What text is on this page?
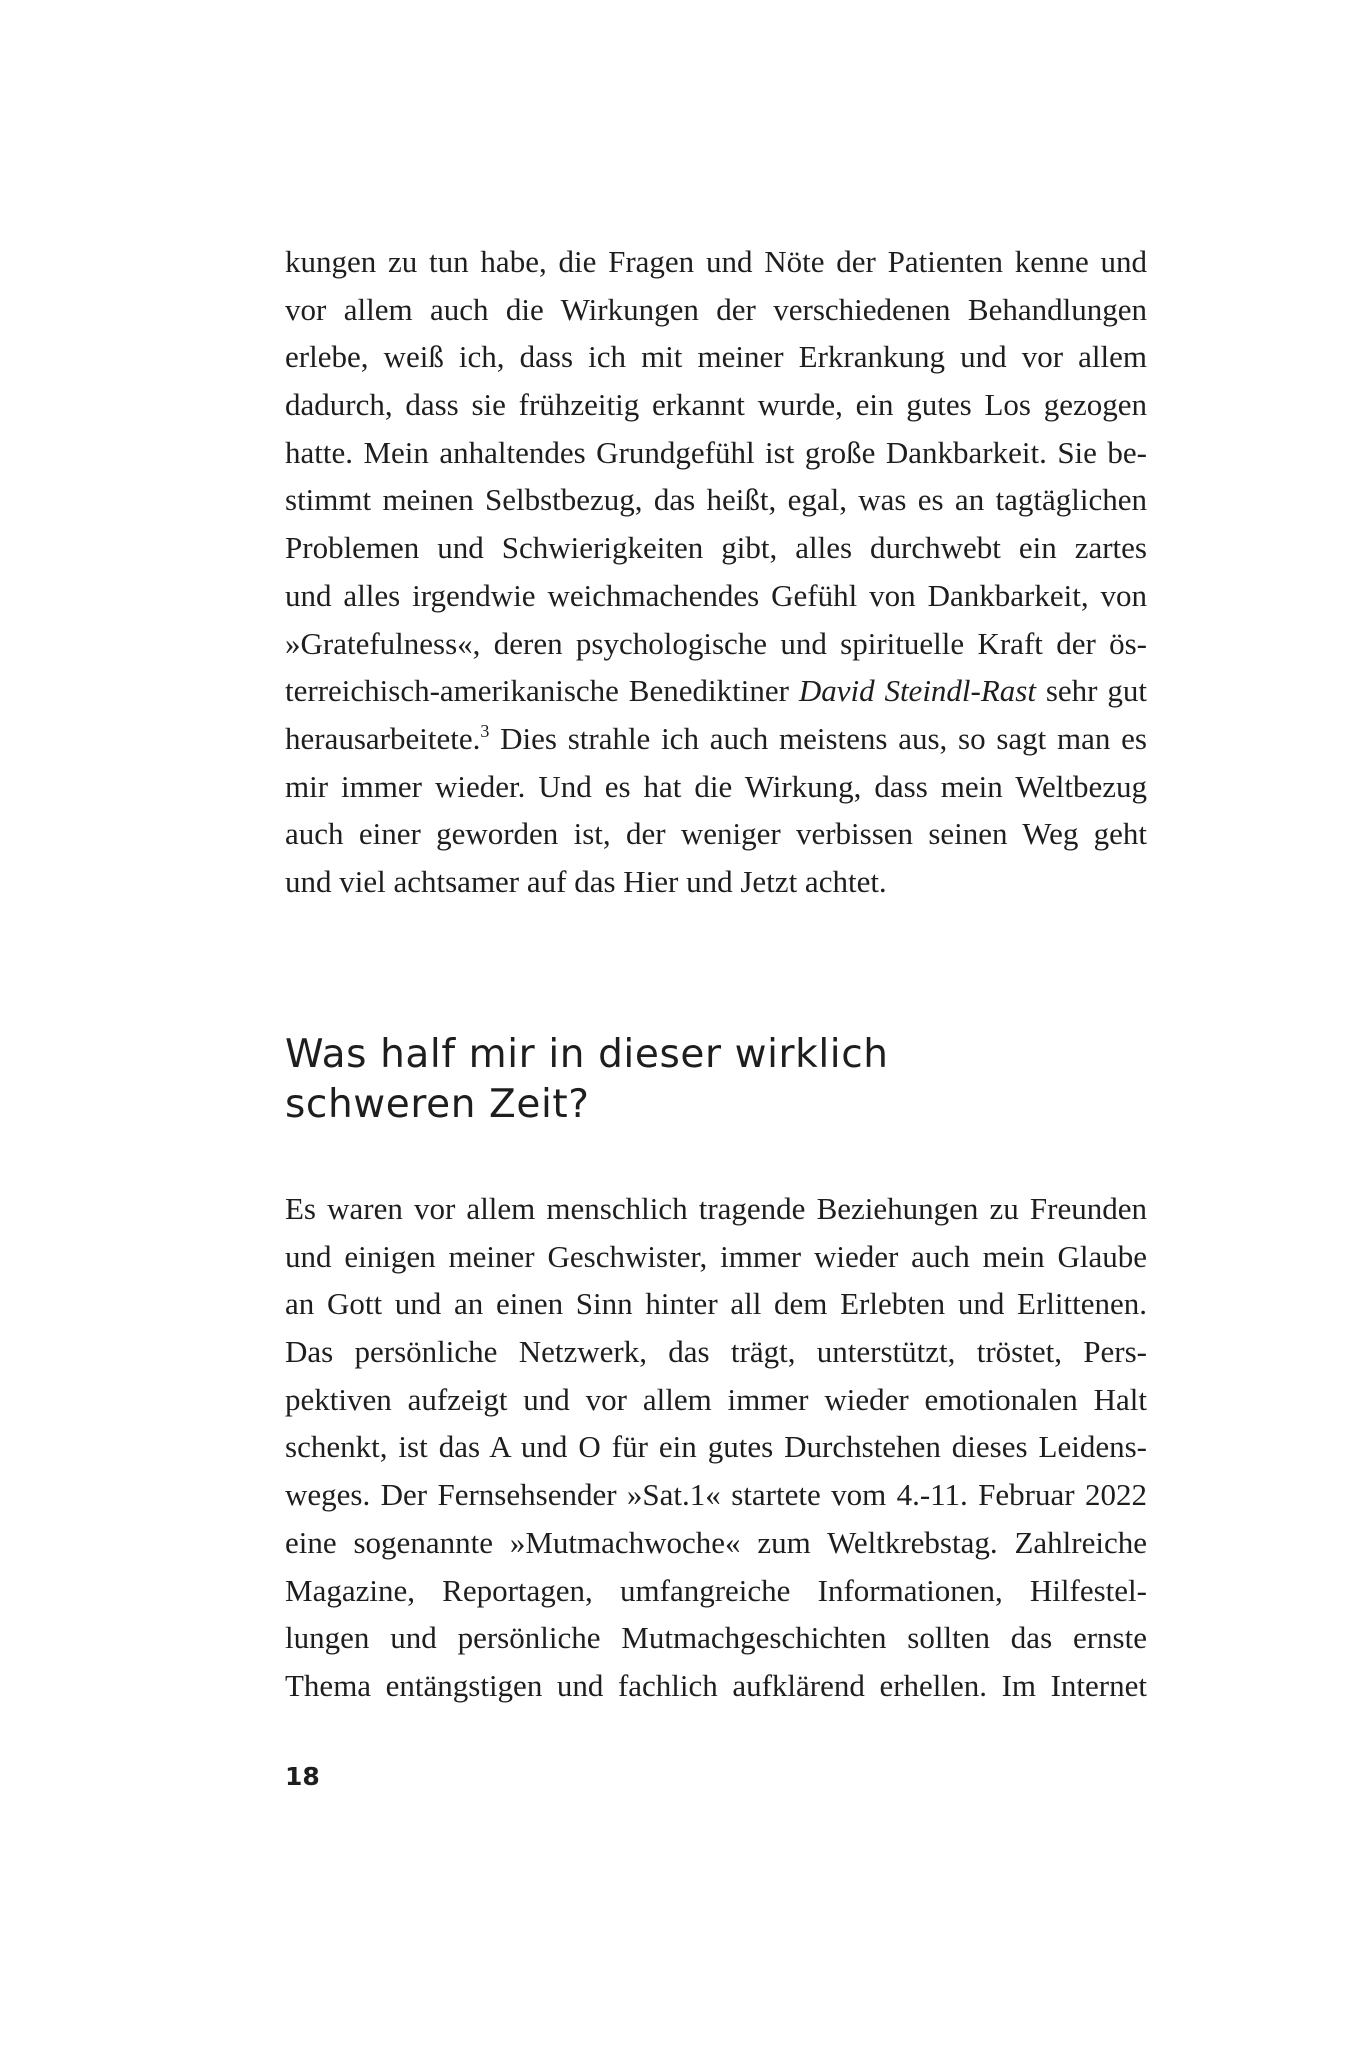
kungen zu tun habe, die Fragen und Nöte der Patienten kenne und
vor allem auch die Wirkungen der verschiedenen Behandlungen
erlebe, weiß ich, dass ich mit meiner Erkrankung und vor allem
dadurch, dass sie frühzeitig erkannt wurde, ein gutes Los gezogen
hatte. Mein anhaltendes Grundgefühl ist große Dankbarkeit. Sie be-
stimmt meinen Selbstbezug, das heißt, egal, was es an tagtäglichen
Problemen und Schwierigkeiten gibt, alles durchwebt ein zartes
und alles irgendwie weichmachendes Gefühl von Dankbarkeit, von
»Gratefulness«, deren psychologische und spirituelle Kraft der ös-
terreichisch-amerikanische Benediktiner David Steindl-Rast sehr gut
herausarbeitete.$^3$ Dies strahle ich auch meistens aus, so sagt man es
mir immer wieder. Und es hat die Wirkung, dass mein Weltbezug
auch einer geworden ist, der weniger verbissen seinen Weg geht
und viel achtsamer auf das Hier und Jetzt achtet.
Was half mir in dieser wirklich
schweren Zeit?
Es waren vor allem menschlich tragende Beziehungen zu Freunden
und einigen meiner Geschwister, immer wieder auch mein Glaube
an Gott und an einen Sinn hinter all dem Erlebten und Erlittenen.
Das persönliche Netzwerk, das trägt, unterstützt, tröstet, Pers-
pektiven aufzeigt und vor allem immer wieder emotionalen Halt
schenkt, ist das A und O für ein gutes Durchstehen dieses Leidens-
weges. Der Fernsehsender »Sat.1« startete vom 4.-11. Februar 2022
eine sogenannte »Mutmachwoche« zum Weltkrebstag. Zahlreiche
Magazine, Reportagen, umfangreiche Informationen, Hilfestel-
lungen und persönliche Mutmachgeschichten sollten das ernste
Thema entängstigen und fachlich aufklärend erhellen. Im Internet
18
